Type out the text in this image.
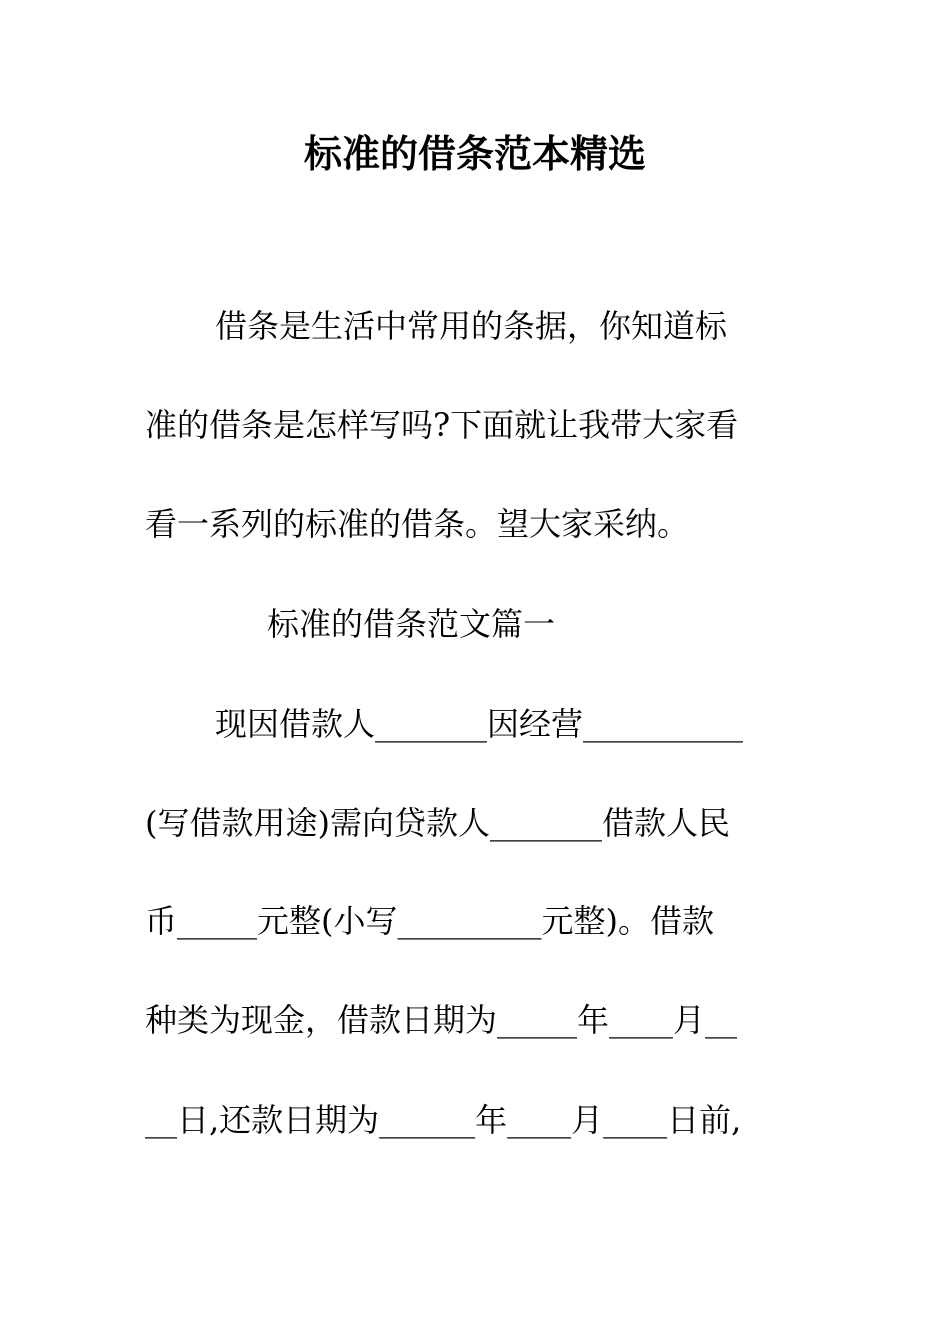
标准的借条范本精选
借条是生活中常用的条据，你知道标
准的借条是怎样写吗?下面就让我带大家看
看一系列的标准的借条。望大家采纳。
标准的借条范文篇一
现因借款人_______因经营__________
(写借款用途)需向贷款人_______借款人民
币_____元整(小写_________元整)。借款
种类为现金，借款日期为_____年____月__
__日,还款日期为______年____月____日前,
